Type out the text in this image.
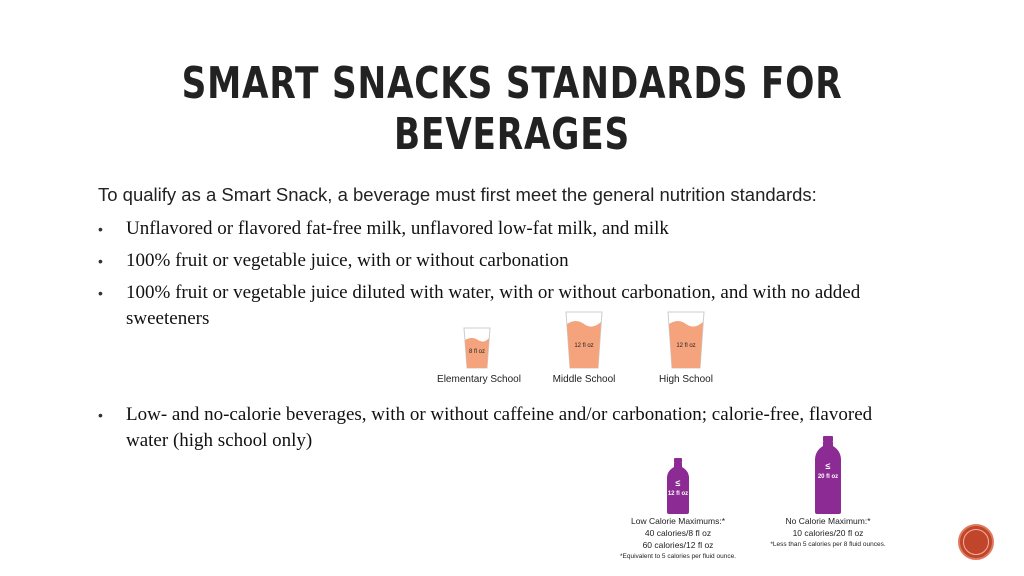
SMART SNACKS STANDARDS FOR BEVERAGES
To qualify as a Smart Snack, a beverage must first meet the general nutrition standards:
• Unflavored or flavored fat-free milk, unflavored low-fat milk, and milk
• 100% fruit or vegetable juice, with or without carbonation
• 100% fruit or vegetable juice diluted with water, with or without carbonation, and with no added sweeteners
8 fl oz
Elementary School
12 fl oz
Middle School
12 fl oz
High School
• Low- and no-calorie beverages, with or without caffeine and/or carbonation; calorie-free, flavored water (high school only)
≤
12 fl oz
Low Calorie Maximums:*
40 calories/8 fl oz
60 calories/12 fl oz
*Equivalent to 5 calories per fluid ounce.
≤
20 fl oz
No Calorie Maximum:*
10 calories/20 fl oz
*Less than 5 calories per 8 fluid ounces.
